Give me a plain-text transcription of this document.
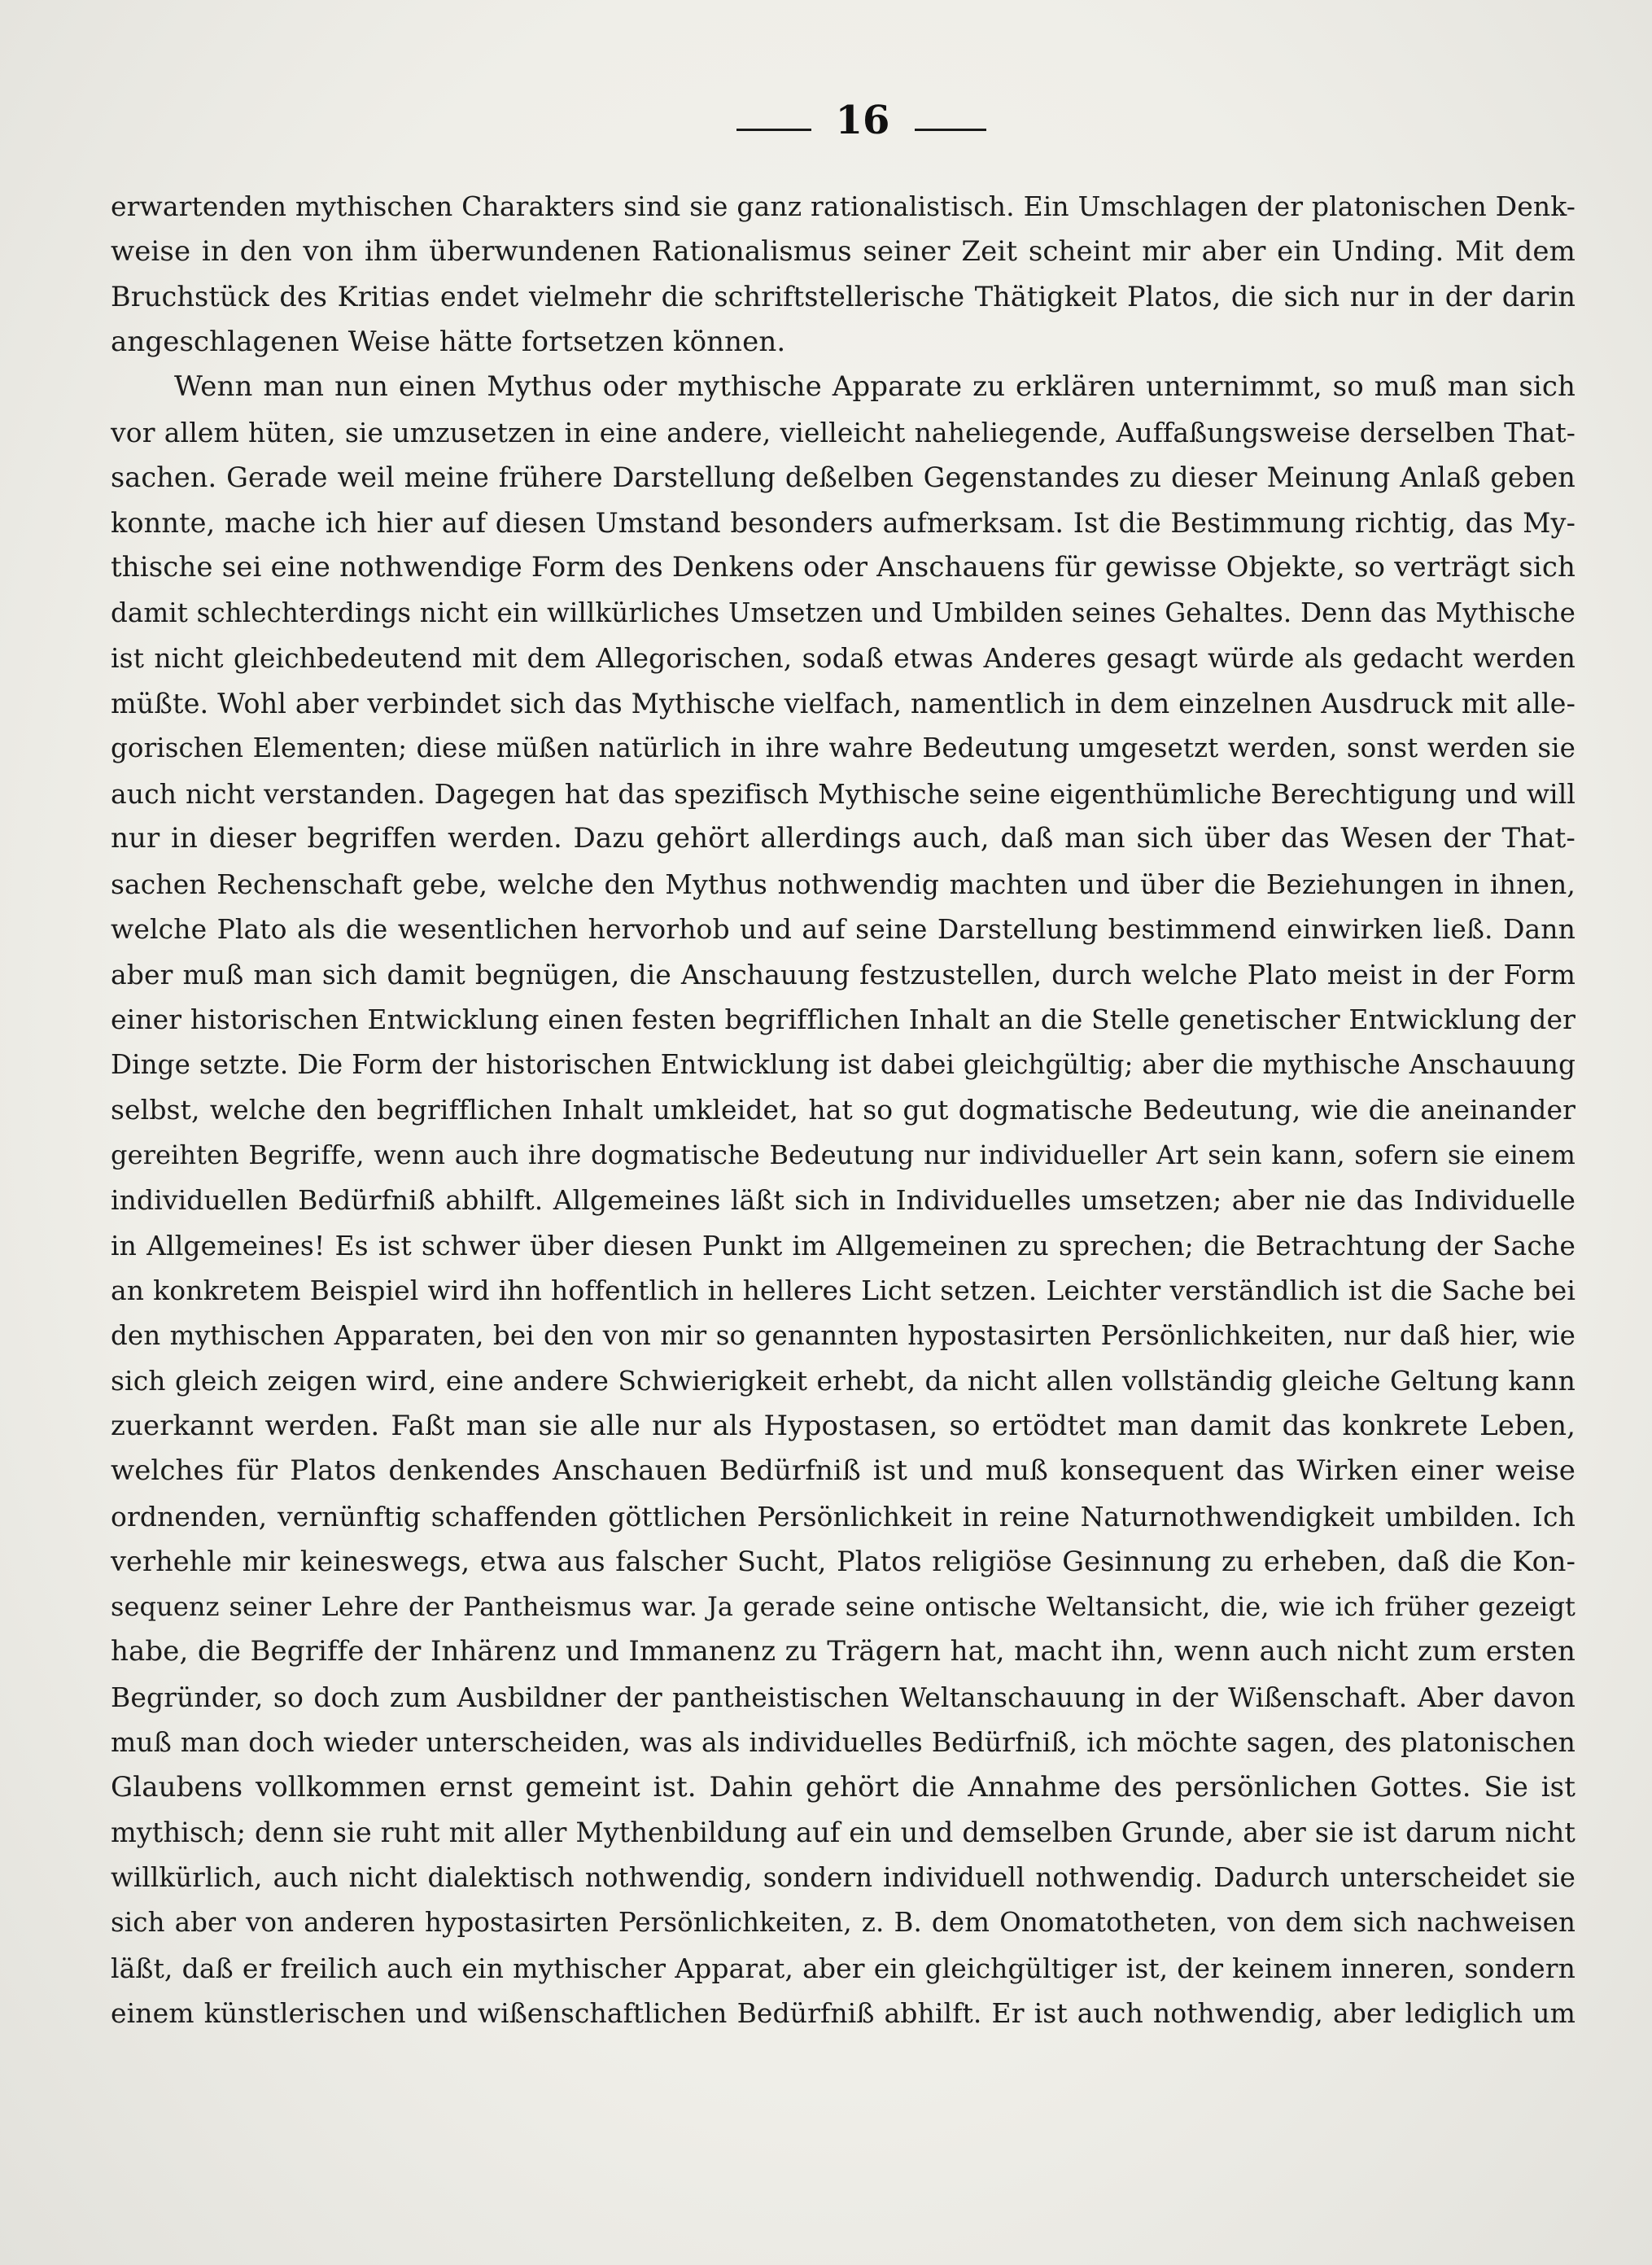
16
erwartenden mythischen Charakters sind sie ganz rationalistisch. Ein Umschlagen der platonischen Denk-
weise in den von ihm überwundenen Rationalismus seiner Zeit scheint mir aber ein Unding. Mit dem
Bruchstück des Kritias endet vielmehr die schriftstellerische Thätigkeit Platos, die sich nur in der darin
angeschlagenen Weise hätte fortsetzen können.
Wenn man nun einen Mythus oder mythische Apparate zu erklären unternimmt, so muß man sich
vor allem hüten, sie umzusetzen in eine andere, vielleicht naheliegende, Auffaßungsweise derselben That-
sachen. Gerade weil meine frühere Darstellung deßelben Gegenstandes zu dieser Meinung Anlaß geben
konnte, mache ich hier auf diesen Umstand besonders aufmerksam. Ist die Bestimmung richtig, das My-
thische sei eine nothwendige Form des Denkens oder Anschauens für gewisse Objekte, so verträgt sich
damit schlechterdings nicht ein willkürliches Umsetzen und Umbilden seines Gehaltes. Denn das Mythische
ist nicht gleichbedeutend mit dem Allegorischen, sodaß etwas Anderes gesagt würde als gedacht werden
müßte. Wohl aber verbindet sich das Mythische vielfach, namentlich in dem einzelnen Ausdruck mit alle-
gorischen Elementen; diese müßen natürlich in ihre wahre Bedeutung umgesetzt werden, sonst werden sie
auch nicht verstanden. Dagegen hat das spezifisch Mythische seine eigenthümliche Berechtigung und will
nur in dieser begriffen werden. Dazu gehört allerdings auch, daß man sich über das Wesen der That-
sachen Rechenschaft gebe, welche den Mythus nothwendig machten und über die Beziehungen in ihnen,
welche Plato als die wesentlichen hervorhob und auf seine Darstellung bestimmend einwirken ließ. Dann
aber muß man sich damit begnügen, die Anschauung festzustellen, durch welche Plato meist in der Form
einer historischen Entwicklung einen festen begrifflichen Inhalt an die Stelle genetischer Entwicklung der
Dinge setzte. Die Form der historischen Entwicklung ist dabei gleichgültig; aber die mythische Anschauung
selbst, welche den begrifflichen Inhalt umkleidet, hat so gut dogmatische Bedeutung, wie die aneinander
gereihten Begriffe, wenn auch ihre dogmatische Bedeutung nur individueller Art sein kann, sofern sie einem
individuellen Bedürfniß abhilft. Allgemeines läßt sich in Individuelles umsetzen; aber nie das Individuelle
in Allgemeines! Es ist schwer über diesen Punkt im Allgemeinen zu sprechen; die Betrachtung der Sache
an konkretem Beispiel wird ihn hoffentlich in helleres Licht setzen. Leichter verständlich ist die Sache bei
den mythischen Apparaten, bei den von mir so genannten hypostasirten Persönlichkeiten, nur daß hier, wie
sich gleich zeigen wird, eine andere Schwierigkeit erhebt, da nicht allen vollständig gleiche Geltung kann
zuerkannt werden. Faßt man sie alle nur als Hypostasen, so ertödtet man damit das konkrete Leben,
welches für Platos denkendes Anschauen Bedürfniß ist und muß konsequent das Wirken einer weise
ordnenden, vernünftig schaffenden göttlichen Persönlichkeit in reine Naturnothwendigkeit umbilden. Ich
verhehle mir keineswegs, etwa aus falscher Sucht, Platos religiöse Gesinnung zu erheben, daß die Kon-
sequenz seiner Lehre der Pantheismus war. Ja gerade seine ontische Weltansicht, die, wie ich früher gezeigt
habe, die Begriffe der Inhärenz und Immanenz zu Trägern hat, macht ihn, wenn auch nicht zum ersten
Begründer, so doch zum Ausbildner der pantheistischen Weltanschauung in der Wißenschaft. Aber davon
muß man doch wieder unterscheiden, was als individuelles Bedürfniß, ich möchte sagen, des platonischen
Glaubens vollkommen ernst gemeint ist. Dahin gehört die Annahme des persönlichen Gottes. Sie ist
mythisch; denn sie ruht mit aller Mythenbildung auf ein und demselben Grunde, aber sie ist darum nicht
willkürlich, auch nicht dialektisch nothwendig, sondern individuell nothwendig. Dadurch unterscheidet sie
sich aber von anderen hypostasirten Persönlichkeiten, z. B. dem Onomatotheten, von dem sich nachweisen
läßt, daß er freilich auch ein mythischer Apparat, aber ein gleichgültiger ist, der keinem inneren, sondern
einem künstlerischen und wißenschaftlichen Bedürfniß abhilft. Er ist auch nothwendig, aber lediglich um
